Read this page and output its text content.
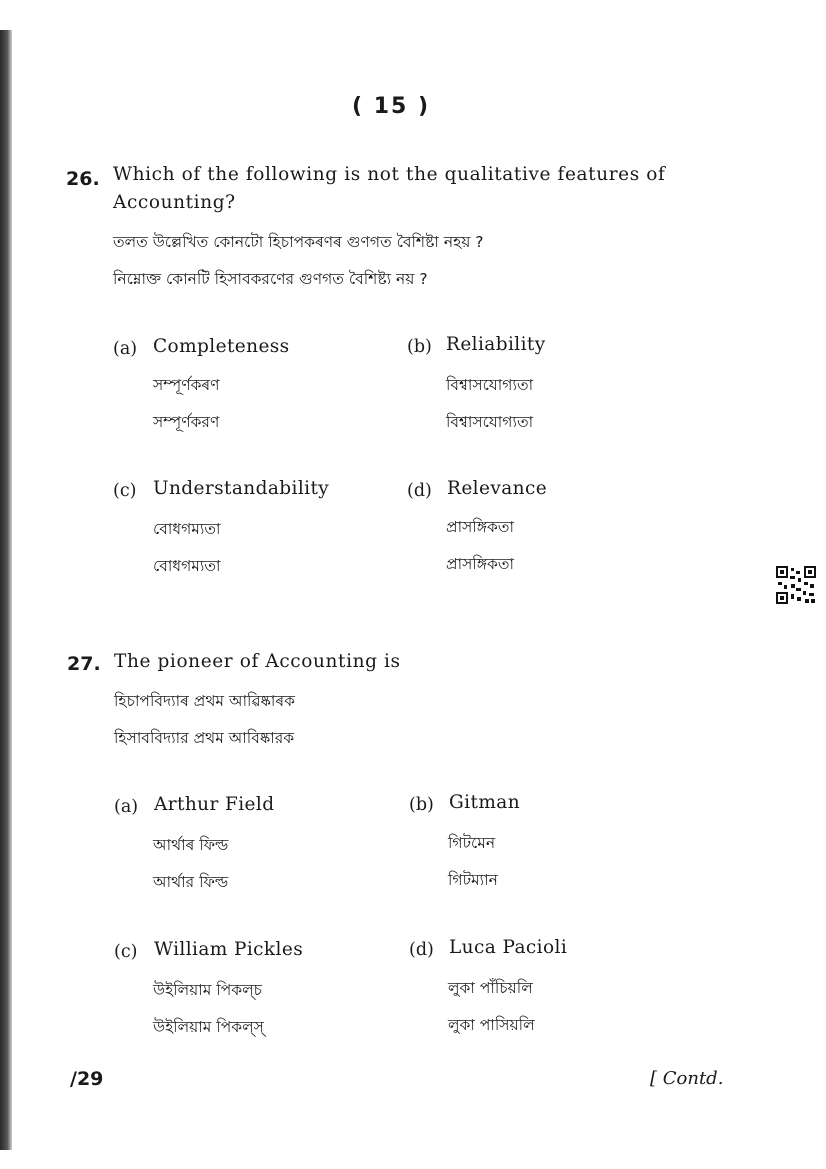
( 15 )
26. Which of the following is not the qualitative features of
Accounting?
তলত উল্লেখিত কোনটো হিচাপকৰণৰ গুণগত বৈশিষ্টা নহয় ?
নিম্নোক্ত কোনটি হিসাবকরণের গুণগত বৈশিষ্ট্য নয় ?
(a) Completeness
সম্পূৰ্ণকৰণ
সম্পূর্ণকরণ
(b) Reliability
বিশ্বাসযোগ্যতা
বিশ্বাসযোগ্যতা
(c) Understandability
বোধগম্যতা
বোধগম্যতা
(d) Relevance
প্ৰাসঙ্গিকতা
প্রাসঙ্গিকতা
27. The pioneer of Accounting is
হিচাপবিদ্যাৰ প্ৰথম আৱিষ্কাৰক
হিসাববিদ্যার প্রথম আবিষ্কারক
(a) Arthur Field
আৰ্থাৰ ফিল্ড
আর্থার ফিল্ড
(b) Gitman
গিটমেন
গিটম্যান
(c) William Pickles
উইলিয়াম পিকল্‌চ
উইলিয়াম পিকল্‌স্
(d) Luca Pacioli
লুকা পাঁচিয়লি
লুকা পাসিয়লি
/29	[ Contd.
